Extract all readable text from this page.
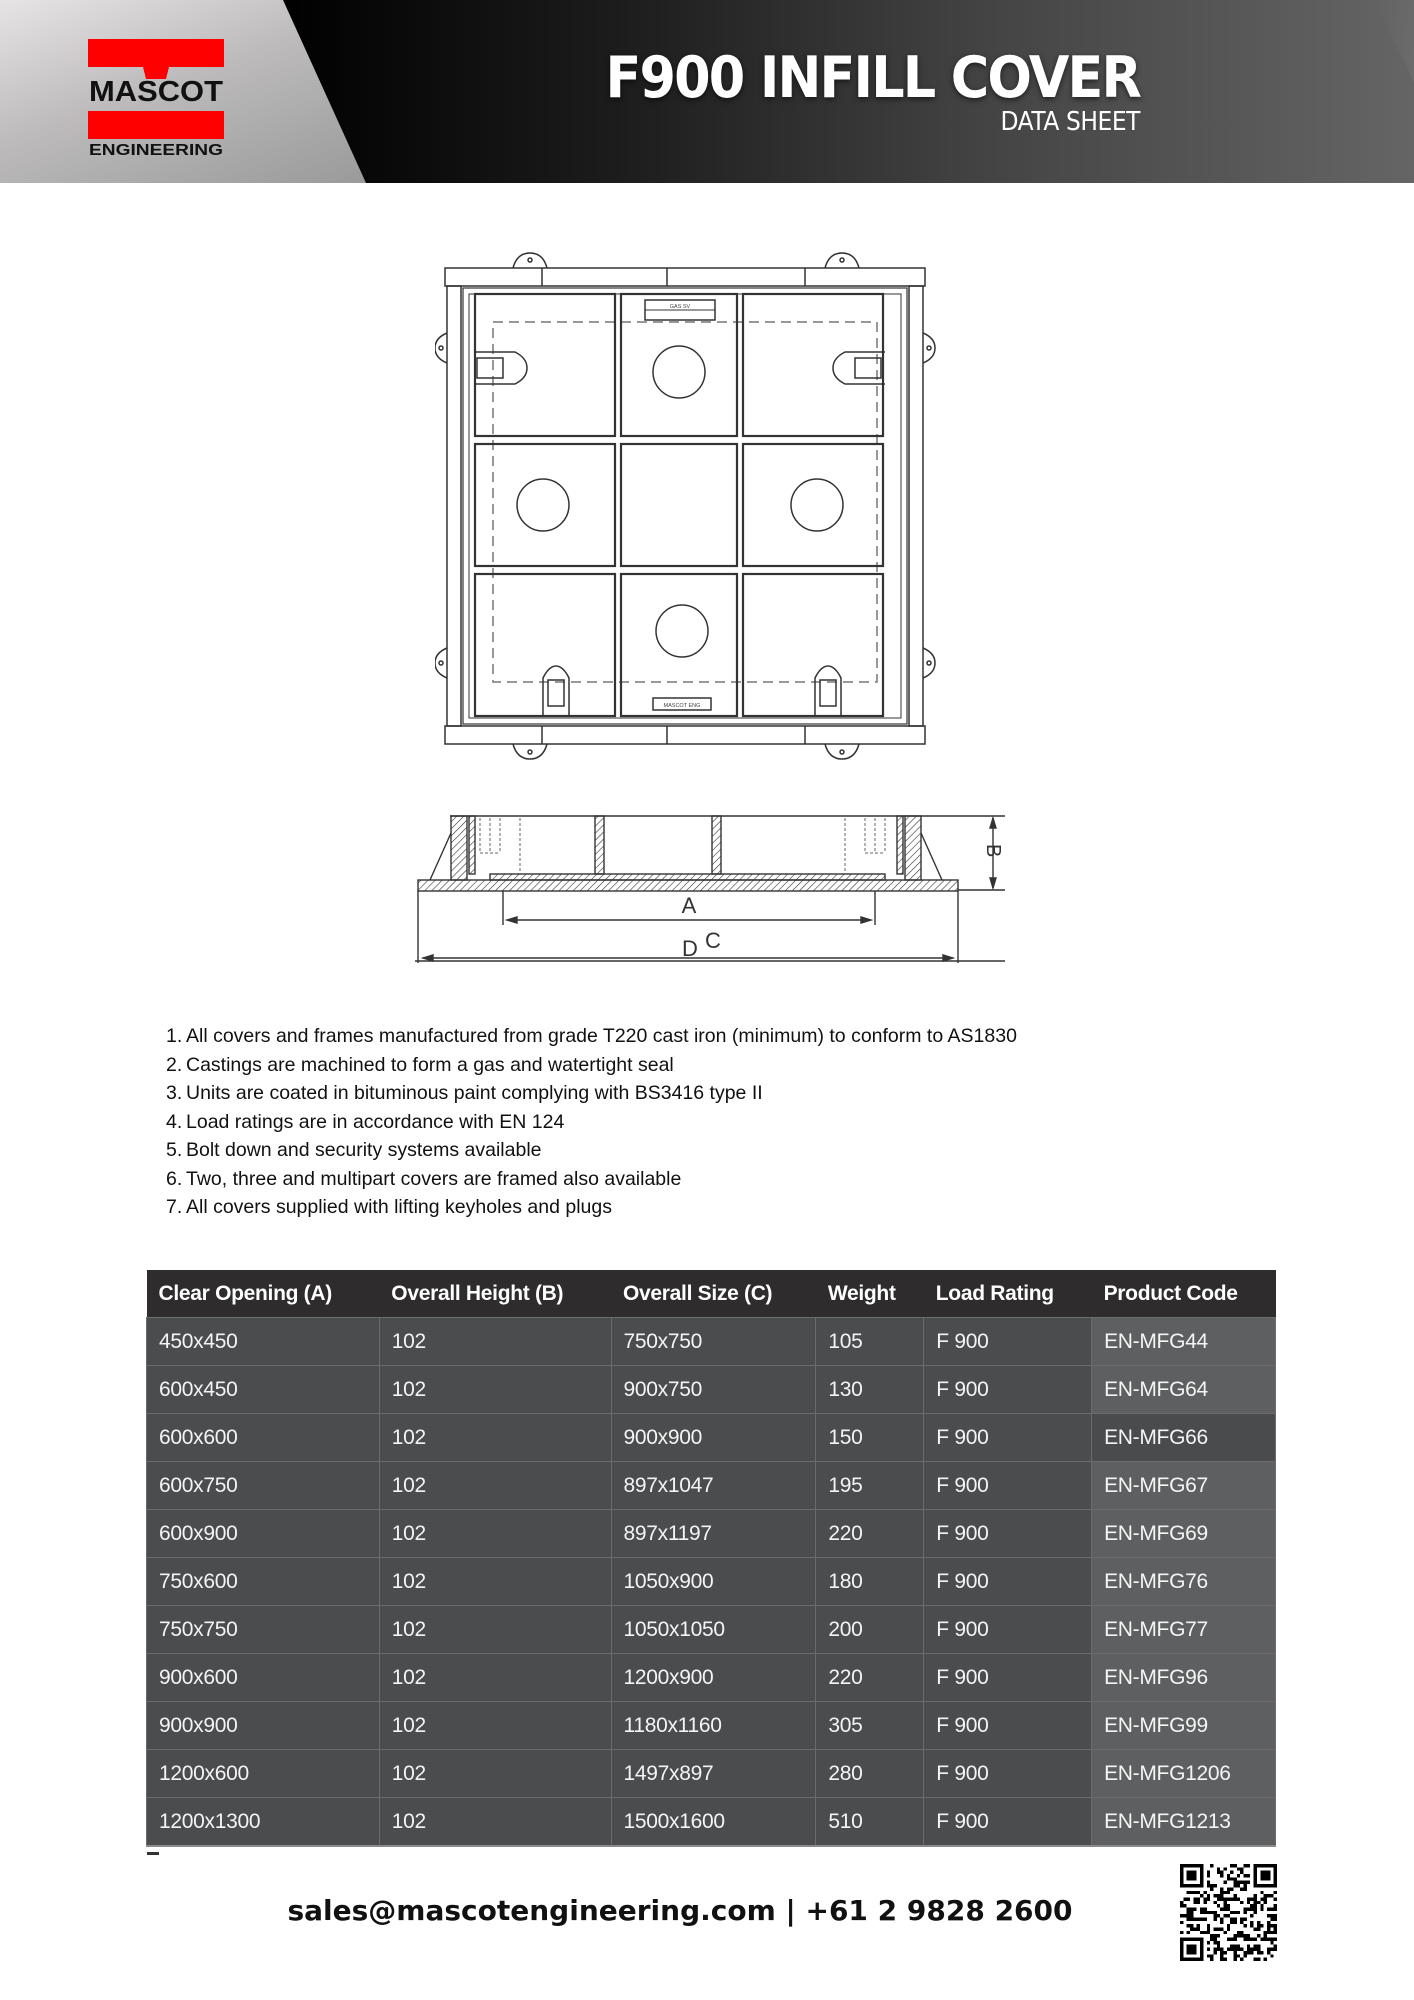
MASCOT
ENGINEERING
F900 INFILL COVER
DATA SHEET
GAS SV
MASCOT ENG
A
D C
B
1. All covers and frames manufactured from grade T220 cast iron (minimum) to conform to AS1830
2. Castings are machined to form a gas and watertight seal
3. Units are coated in bituminous paint complying with BS3416 type II
4. Load ratings are in accordance with EN 124
5. Bolt down and security systems available
6. Two, three and multipart covers are framed also available
7. All covers supplied with lifting keyholes and plugs
Clear Opening (A)	Overall Height (B)	Overall Size (C)	Weight	Load Rating	Product Code
450x450	102	750x750	105	F 900	EN-MFG44
600x450	102	900x750	130	F 900	EN-MFG64
600x600	102	900x900	150	F 900	EN-MFG66
600x750	102	897x1047	195	F 900	EN-MFG67
600x900	102	897x1197	220	F 900	EN-MFG69
750x600	102	1050x900	180	F 900	EN-MFG76
750x750	102	1050x1050	200	F 900	EN-MFG77
900x600	102	1200x900	220	F 900	EN-MFG96
900x900	102	1180x1160	305	F 900	EN-MFG99
1200x600	102	1497x897	280	F 900	EN-MFG1206
1200x1300	102	1500x1600	510	F 900	EN-MFG1213
sales@mascotengineering.com | +61 2 9828 2600
